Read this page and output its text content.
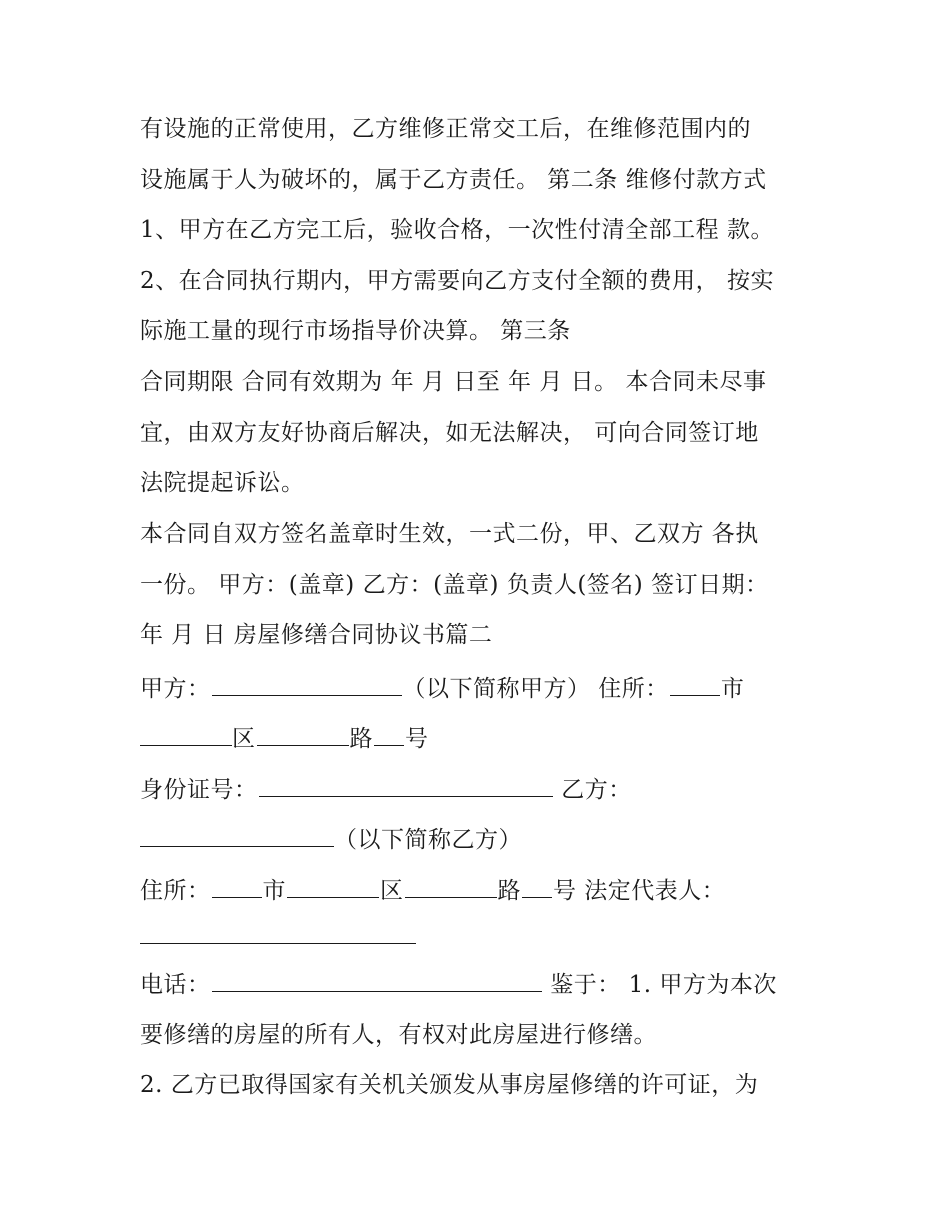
有设施的正常使用，乙方维修正常交工后，在维修范围内的
设施属于人为破坏的，属于乙方责任。 第二条 维修付款方式
1、甲方在乙方完工后，验收合格，一次性付清全部工程 款。
2、在合同执行期内，甲方需要向乙方支付全额的费用， 按实
际施工量的现行市场指导价决算。 第三条
合同期限 合同有效期为 年 月 日至 年 月 日。 本合同未尽事
宜，由双方友好协商后解决，如无法解决， 可向合同签订地
法院提起诉讼。
本合同自双方签名盖章时生效，一式二份，甲、乙双方 各执
一份。 甲方：(盖章) 乙方：(盖章) 负责人(签名) 签订日期：
年 月 日 房屋修缮合同协议书篇二
甲方：	（以下简称甲方） 住所： 市
区	路 号
身份证号：	乙方：
（以下简称乙方）
住所： 市	区	路 号 法定代表人：
电话：	鉴于： 1. 甲方为本次
要修缮的房屋的所有人，有权对此房屋进行修缮。
2. 乙方已取得国家有关机关颁发从事房屋修缮的许可证，为
